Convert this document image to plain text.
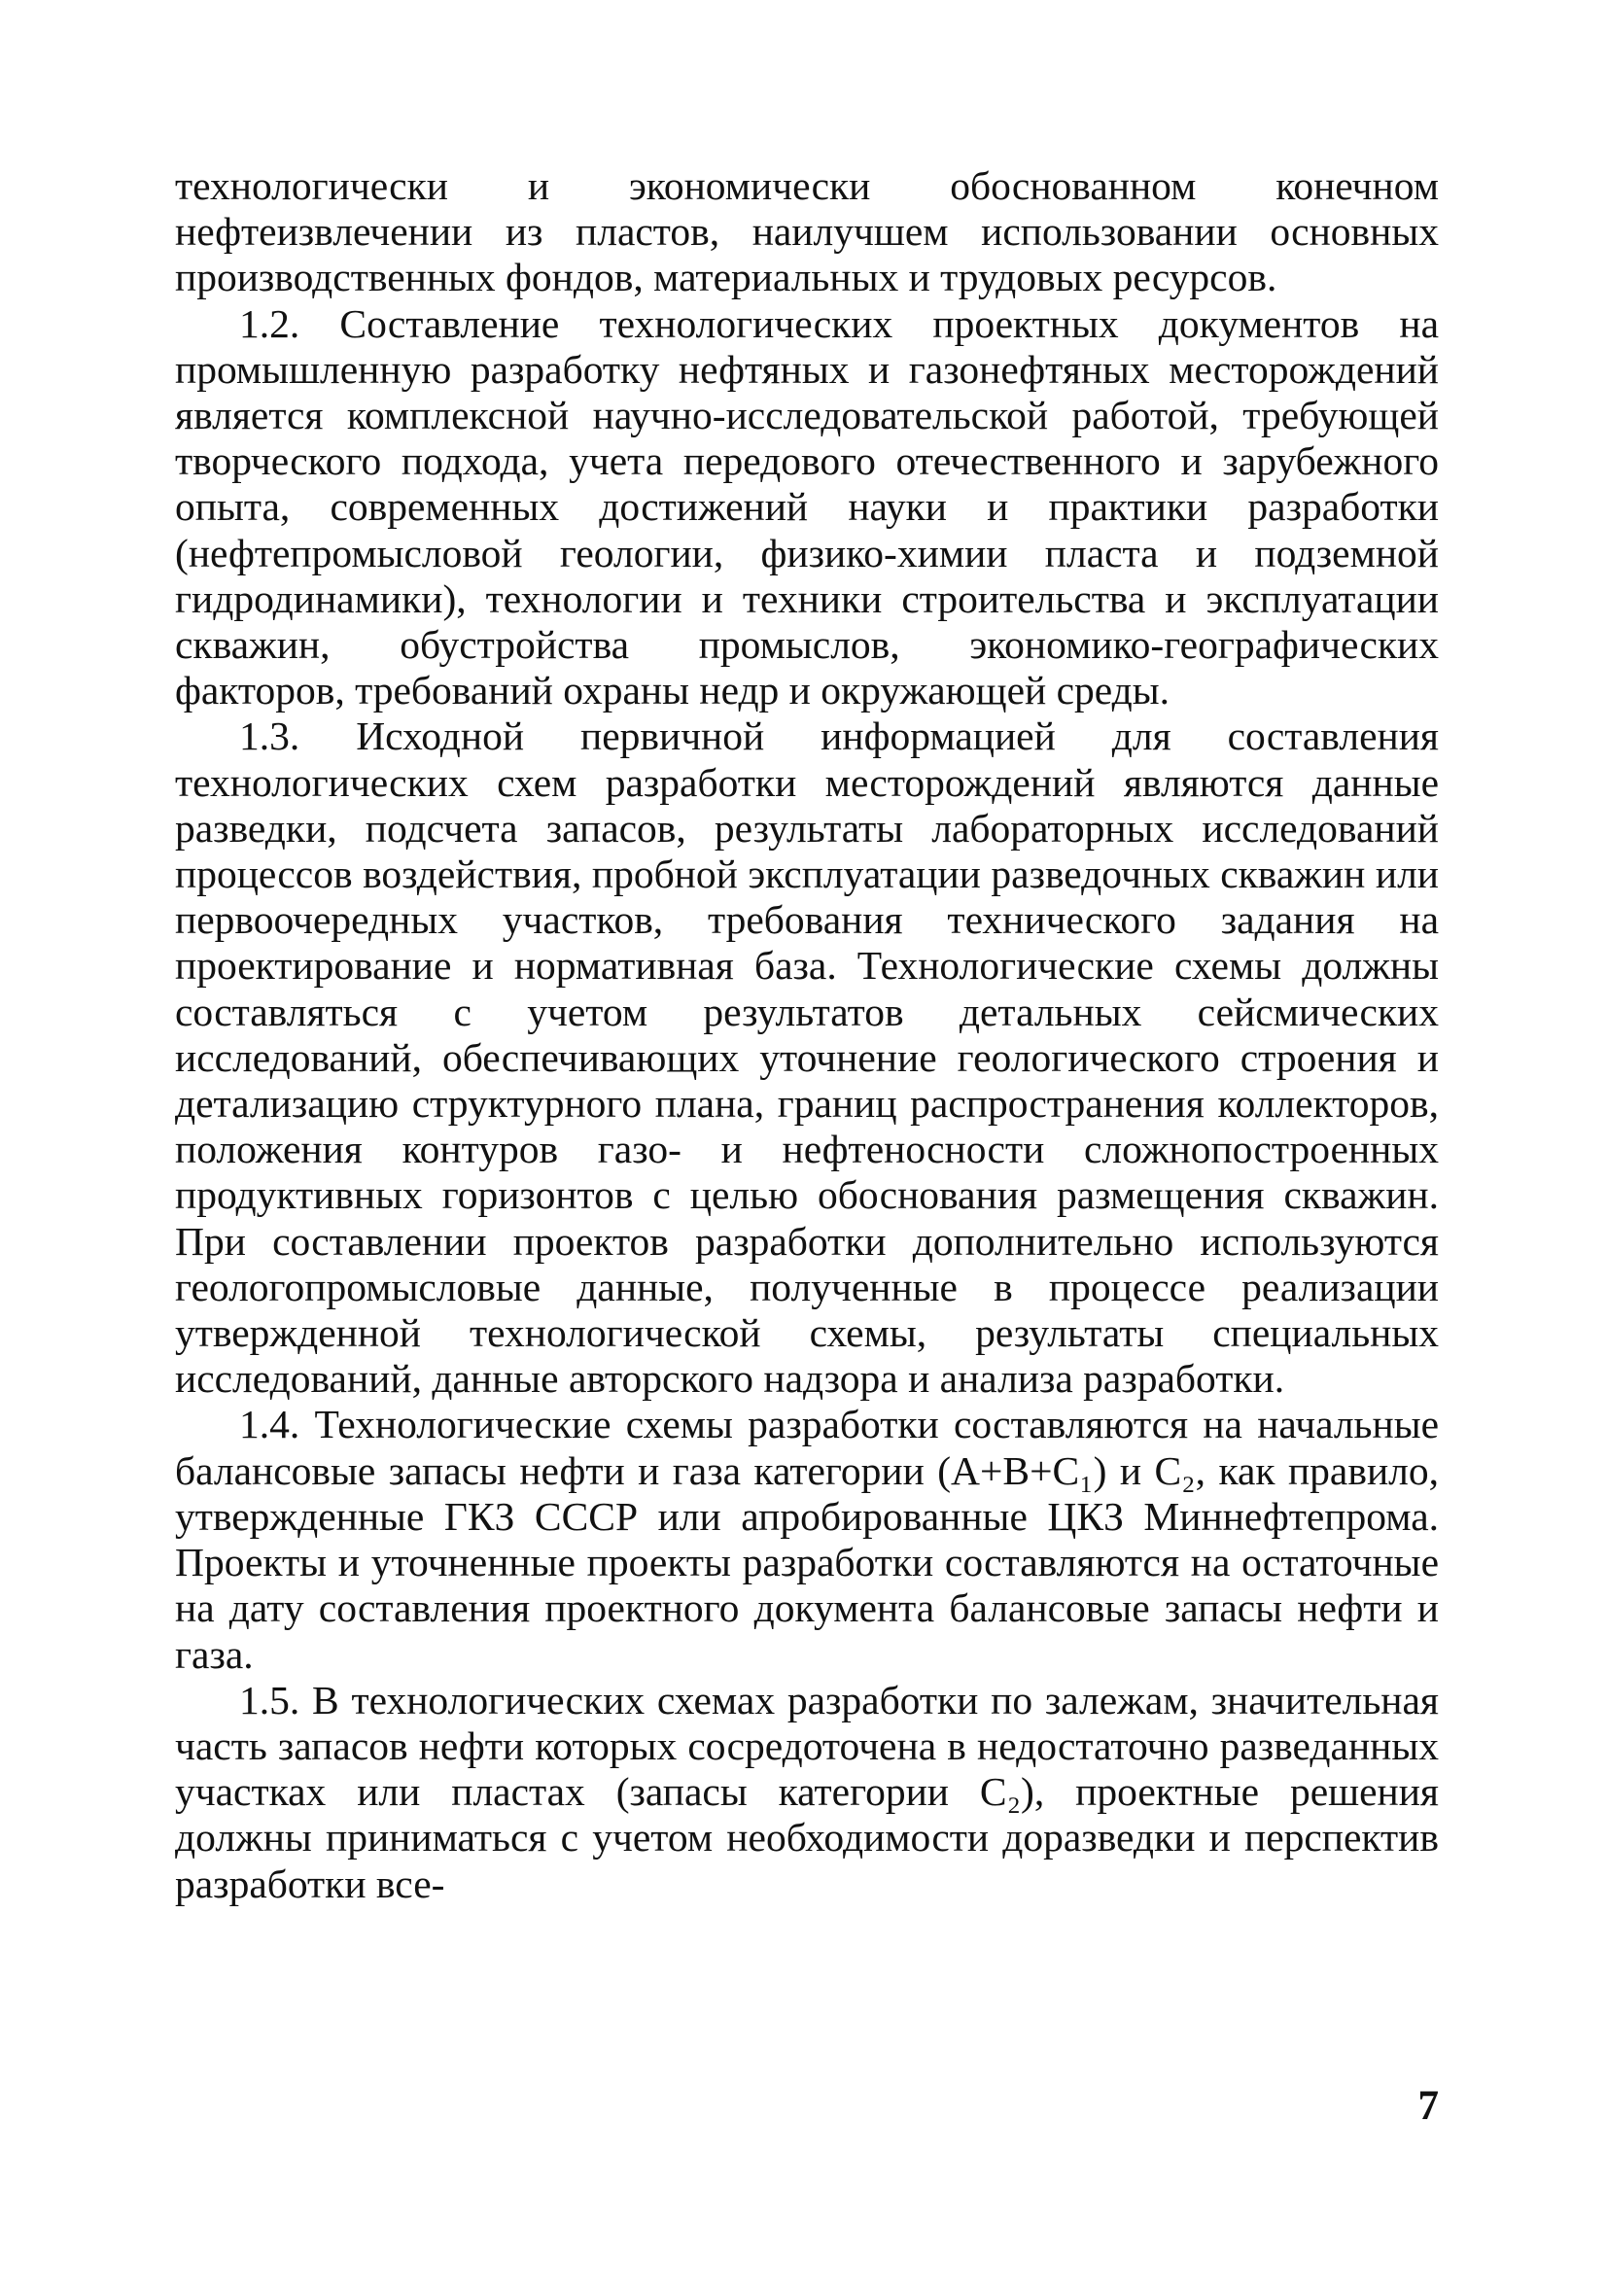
технологически и экономически обоснованном конечном нефтеизвлечении из пластов, наилучшем использовании основных производственных фондов, материальных и трудовых ресурсов.

1.2. Составление технологических проектных документов на промышленную разработку нефтяных и газонефтяных месторождений является комплексной научно-исследовательской работой, требующей творческого подхода, учета передового отечественного и зарубежного опыта, современных достижений науки и практики разработки (нефтепромысловой геологии, физико-химии пласта и подземной гидродинамики), технологии и техники строительства и эксплуатации скважин, обустройства промыслов, экономико-географических факторов, требований охраны недр и окружающей среды.

1.3. Исходной первичной информацией для составления технологических схем разработки месторождений являются данные разведки, подсчета запасов, результаты лабораторных исследований процессов воздействия, пробной эксплуатации разведочных скважин или первоочередных участков, требования технического задания на проектирование и нормативная база. Технологические схемы должны составляться с учетом результатов детальных сейсмических исследований, обеспечивающих уточнение геологического строения и детализацию структурного плана, границ распространения коллекторов, положения контуров газо- и нефтеносности сложнопостроенных продуктивных горизонтов с целью обоснования размещения скважин. При составлении проектов разработки дополнительно используются геологопромысловые данные, полученные в процессе реализации утвержденной технологической схемы, результаты специальных исследований, данные авторского надзора и анализа разработки.

1.4. Технологические схемы разработки составляются на начальные балансовые запасы нефти и газа категории (А+В+С₁) и С₂, как правило, утвержденные ГКЗ СССР или апробированные ЦКЗ Миннефтепрома. Проекты и уточненные проекты разработки составляются на остаточные на дату составления проектного документа балансовые запасы нефти и газа.

1.5. В технологических схемах разработки по залежам, значительная часть запасов нефти которых сосредоточена в недостаточно разведанных участках или пластах (запасы категории С₂), проектные решения должны приниматься с учетом необходимости доразведки и перспектив разработки все-

7
